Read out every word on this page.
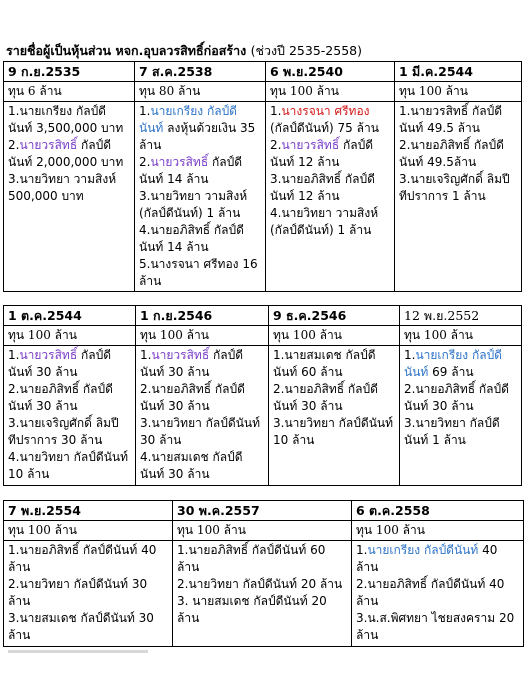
รายชื่อผู้เป็นหุ้นส่วน หจก.อุบลวรสิทธิ์ก่อสร้าง (ช่วงปี 2535-2558)
9 ก.ย.2535	7 ส.ค.2538	6 พ.ย.2540	1 มี.ค.2544
ทุน 6 ล้าน	ทุน 80 ล้าน	ทุน 100 ล้าน	ทุน 100 ล้าน

1.นายเกรียง กัลป์ดีนันท์ 3,500,000 บาท
2.นายวรสิทธิ์ กัลป์ดีนันท์ 2,000,000 บาท
3.นายวิทยา วามสิงห์ 500,000 บาท	1.นายเกรียง กัลป์ดีนันท์ ลงหุ้นด้วยเงิน 35 ล้าน
2.นายวรสิทธิ์ กัลป์ดีนันท์ 14 ล้าน
3.นายวิทยา วามสิงห์ (กัลป์ดีนันท์) 1 ล้าน
4.นายอภิสิทธิ์ กัลป์ดีนันท์ 14 ล้าน
5.นางรจนา ศรีทอง 16 ล้าน	1.นางรจนา ศรีทอง (กัลป์ดีนันท์) 75 ล้าน
2.นายวรสิทธิ์ กัลป์ดีนันท์ 12 ล้าน
3.นายอภิสิทธิ์ กัลป์ดีนันท์ 12 ล้าน
4.นายวิทยา วามสิงห์ (กัลป์ดีนันท์) 1 ล้าน	1.นายวรสิทธิ์ กัลป์ดีนันท์ 49.5 ล้าน
2.นายอภิสิทธิ์ กัลป์ดีนันท์ 49.5ล้าน
3.นายเจริญศักดิ์ ลิมปีทีปราการ 1 ล้าน
1 ต.ค.2544	1 ก.ย.2546	9 ธ.ค.2546	12 พ.ย.2552
ทุน 100 ล้าน	ทุน 100 ล้าน	ทุน 100 ล้าน	ทุน 100 ล้าน

1.นายวรสิทธิ์ กัลป์ดีนันท์ 30 ล้าน
2.นายอภิสิทธิ์ กัลป์ดีนันท์ 30 ล้าน
3.นายเจริญศักดิ์ ลิมปีทีปราการ 30 ล้าน
4.นายวิทยา กัลป์ดีนันท์ 10 ล้าน	1.นายวรสิทธิ์ กัลป์ดีนันท์ 30 ล้าน
2.นายอภิสิทธิ์ กัลป์ดีนันท์ 30 ล้าน
3.นายวิทยา กัลป์ดีนันท์ 30 ล้าน
4.นายสมเดช กัลป์ดีนันท์ 30 ล้าน	1.นายสมเดช กัลป์ดีนันท์ 60 ล้าน
2.นายอภิสิทธิ์ กัลป์ดีนันท์ 30 ล้าน
3.นายวิทยา กัลป์ดีนันท์ 10 ล้าน	1.นายเกรียง กัลป์ดีนันท์ 69 ล้าน
2.นายอภิสิทธิ์ กัลป์ดีนันท์ 30 ล้าน
3.นายวิทยา กัลป์ดีนันท์ 1 ล้าน
7 พ.ย.2554	30 พ.ค.2557	6 ต.ค.2558
ทุน 100 ล้าน	ทุน 100 ล้าน	ทุน 100 ล้าน

1.นายอภิสิทธิ์ กัลป์ดีนันท์ 40 ล้าน
2.นายวิทยา กัลป์ดีนันท์ 30 ล้าน
3.นายสมเดช กัลป์ดีนันท์ 30 ล้าน	1.นายอภิสิทธิ์ กัลป์ดีนันท์ 60 ล้าน
2.นายวิทยา กัลป์ดีนันท์ 20 ล้าน
3. นายสมเดช กัลป์ดีนันท์ 20 ล้าน	1.นายเกรียง กัลป์ดีนันท์ 40 ล้าน
2.นายอภิสิทธิ์ กัลป์ดีนันท์ 40 ล้าน
3.น.ส.พิศทยา ไชยสงคราม 20 ล้าน
